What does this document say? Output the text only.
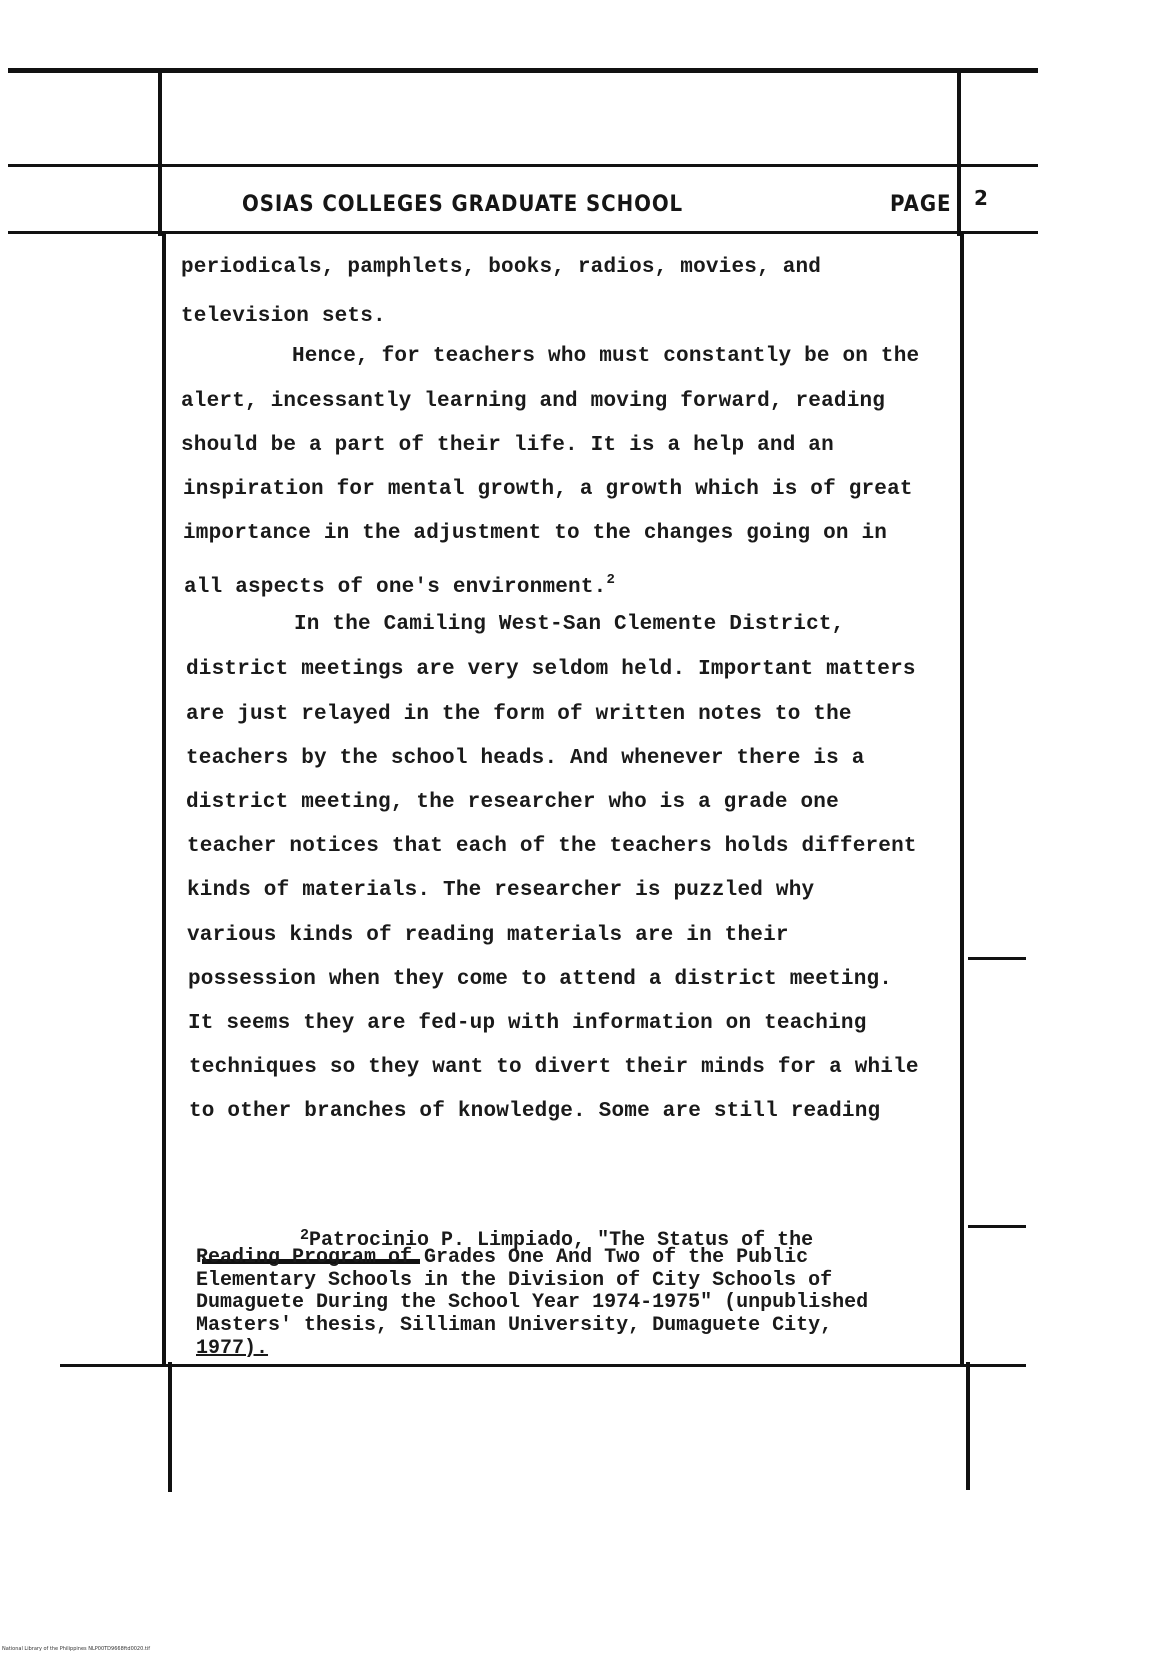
OSIAS COLLEGES GRADUATE SCHOOL	PAGE 2
periodicals, pamphlets, books, radios, movies, and
television sets.
Hence, for teachers who must constantly be on the
alert, incessantly learning and moving forward, reading
should be a part of their life. It is a help and an
inspiration for mental growth, a growth which is of great
importance in the adjustment to the changes going on in
all aspects of one's environment.$^2$
In the Camiling West-San Clemente District,
district meetings are very seldom held. Important matters
are just relayed in the form of written notes to the
teachers by the school heads. And whenever there is a
district meeting, the researcher who is a grade one
teacher notices that each of the teachers holds different
kinds of materials. The researcher is puzzled why
various kinds of reading materials are in their
possession when they come to attend a district meeting.
It seems they are fed-up with information on teaching
techniques so they want to divert their minds for a while
to other branches of knowledge. Some are still reading
$^2$Patrocinio P. Limpiado, "The Status of the
Reading Program of Grades One And Two of the Public
Elementary Schools in the Division of City Schools of
Dumaguete During the School Year 1974-1975" (unpublished
Masters' thesis, Silliman University, Dumaguete City,
1977).
National Library of the Philippines NLP00TD9668ftd0020.tif
